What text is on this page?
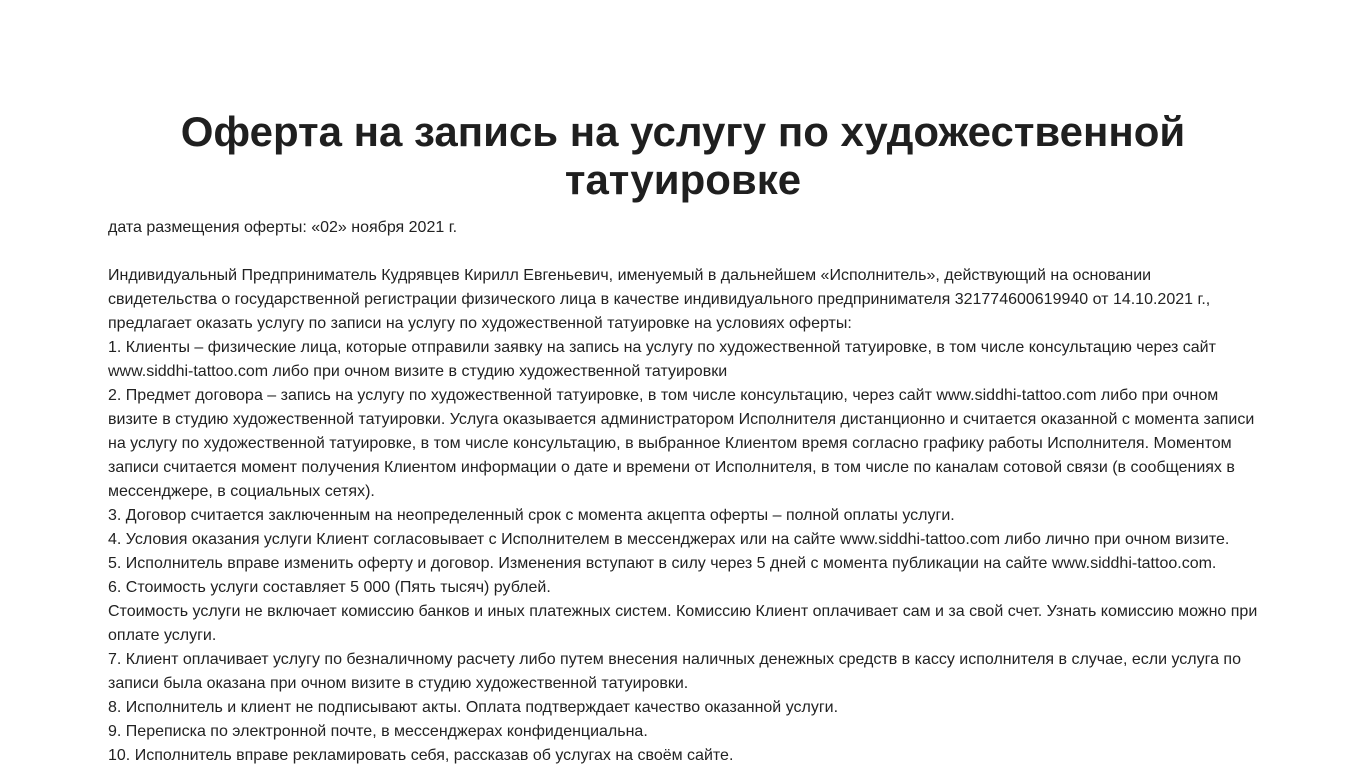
Оферта на запись на услугу по художественной татуировке

дата размещения оферты: «02» ноября 2021 г.

Индивидуальный Предприниматель Кудрявцев Кирилл Евгеньевич, именуемый в дальнейшем «Исполнитель», действующий на основании свидетельства о государственной регистрации физического лица в качестве индивидуального предпринимателя 321774600619940 от 14.10.2021 г., предлагает оказать услугу по записи на услугу по художественной татуировке на условиях оферты:

1. Клиенты – физические лица, которые отправили заявку на запись на услугу по художественной татуировке, в том числе консультацию через сайт www.siddhi-tattoo.com либо при очном визите в студию художественной татуировки

2. Предмет договора – запись на услугу по художественной татуировке, в том числе консультацию, через сайт www.siddhi-tattoo.com либо при очном визите в студию художественной татуировки. Услуга оказывается администратором Исполнителя дистанционно и считается оказанной с момента записи на услугу по художественной татуировке, в том числе консультацию, в выбранное Клиентом время согласно графику работы Исполнителя. Моментом записи считается момент получения Клиентом информации о дате и времени от Исполнителя, в том числе по каналам сотовой связи (в сообщениях в мессенджере, в социальных сетях).

3. Договор считается заключенным на неопределенный срок с момента акцепта оферты – полной оплаты услуги.

4. Условия оказания услуги Клиент согласовывает с Исполнителем в мессенджерах или на сайте www.siddhi-tattoo.com либо лично при очном визите.

5. Исполнитель вправе изменить оферту и договор. Изменения вступают в силу через 5 дней с момента публикации на сайте www.siddhi-tattoo.com.

6. Стоимость услуги составляет 5 000 (Пять тысяч) рублей.

Стоимость услуги не включает комиссию банков и иных платежных систем. Комиссию Клиент оплачивает сам и за свой счет. Узнать комиссию можно при оплате услуги.

7. Клиент оплачивает услугу по безналичному расчету либо путем внесения наличных денежных средств в кассу исполнителя в случае, если услуга по записи была оказана при очном визите в студию художественной татуировки.

8. Исполнитель и клиент не подписывают акты. Оплата подтверждает качество оказанной услуги.

9. Переписка по электронной почте, в мессенджерах конфиденциальна.

10. Исполнитель вправе рекламировать себя, рассказав об услугах на своём сайте.
